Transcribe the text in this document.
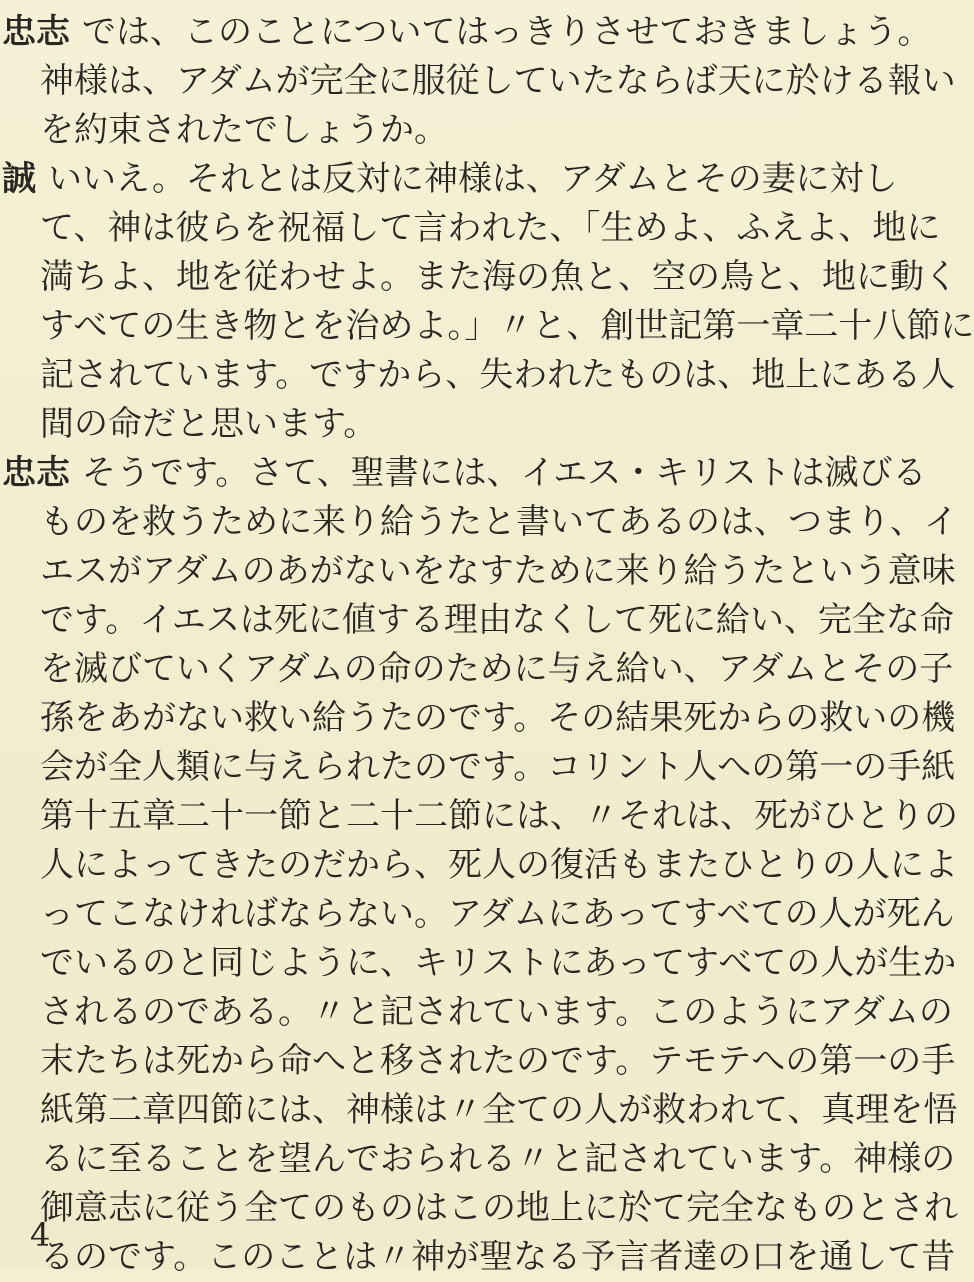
忠志 では、このことについてはっきりさせておきましょう。
神様は、アダムが完全に服従していたならば天に於ける報い
を約束されたでしょうか。
誠 いいえ。それとは反対に神様は、アダムとその妻に対し
て、神は彼らを祝福して言われた、「生めよ、ふえよ、地に
満ちよ、地を従わせよ。また海の魚と、空の鳥と、地に動く
すべての生き物とを治めよ。」〃と、創世記第一章二十八節に
記されています。ですから、失われたものは、地上にある人
間の命だと思います。
忠志 そうです。さて、聖書には、イエス・キリストは滅びる
ものを救うために来り給うたと書いてあるのは、つまり、イ
エスがアダムのあがないをなすために来り給うたという意味
です。イエスは死に値する理由なくして死に給い、完全な命
を滅びていくアダムの命のために与え給い、アダムとその子
孫をあがない救い給うたのです。その結果死からの救いの機
会が全人類に与えられたのです。コリント人への第一の手紙
第十五章二十一節と二十二節には、〃それは、死がひとりの
人によってきたのだから、死人の復活もまたひとりの人によ
ってこなければならない。アダムにあってすべての人が死ん
でいるのと同じように、キリストにあってすべての人が生か
されるのである。〃と記されています。このようにアダムの
末たちは死から命へと移されたのです。テモテへの第一の手
紙第二章四節には、神様は〃全ての人が救われて、真理を悟
るに至ることを望んでおられる〃と記されています。神様の
御意志に従う全てのものはこの地上に於て完全なものとされ
るのです。このことは〃神が聖なる予言者達の口を通して昔
4
